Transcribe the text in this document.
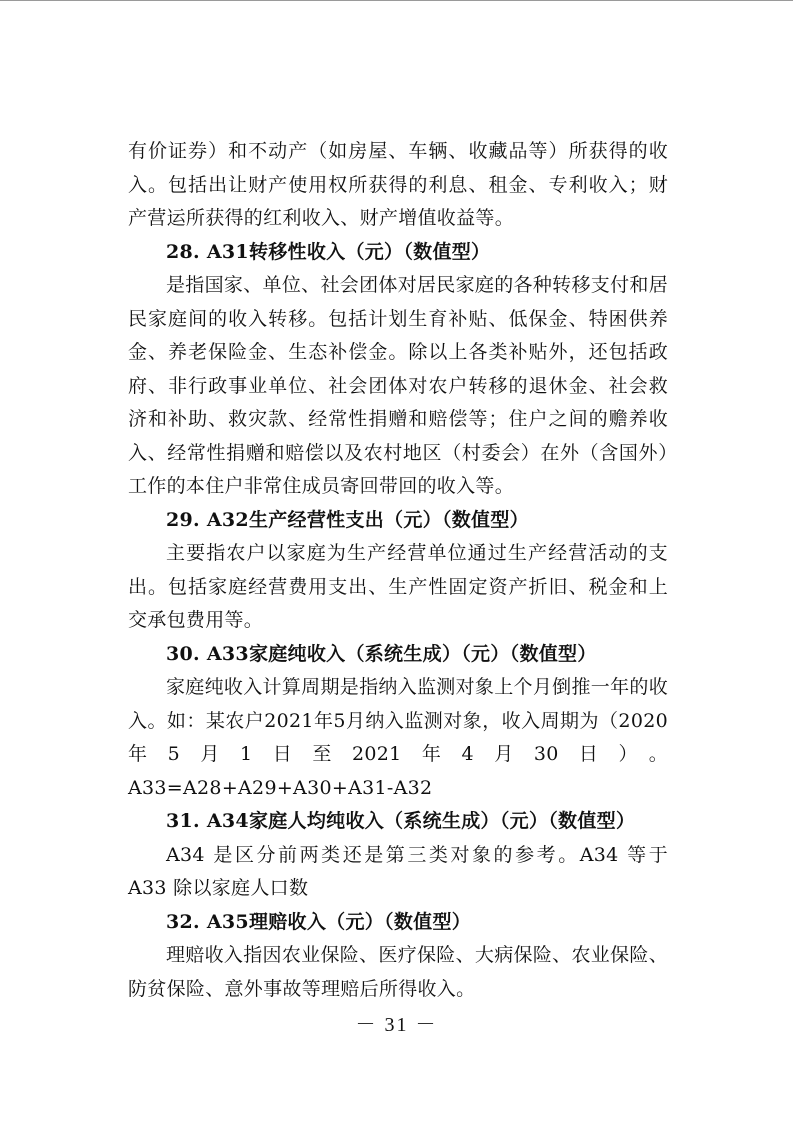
有价证券）和不动产（如房屋、车辆、收藏品等）所获得的收入。包括出让财产使用权所获得的利息、租金、专利收入；财产营运所获得的红利收入、财产增值收益等。

28. A31转移性收入（元）（数值型）

是指国家、单位、社会团体对居民家庭的各种转移支付和居民家庭间的收入转移。包括计划生育补贴、低保金、特困供养金、养老保险金、生态补偿金。除以上各类补贴外，还包括政府、非行政事业单位、社会团体对农户转移的退休金、社会救济和补助、救灾款、经常性捐赠和赔偿等；住户之间的赡养收入、经常性捐赠和赔偿以及农村地区（村委会）在外（含国外）工作的本住户非常住成员寄回带回的收入等。

29. A32生产经营性支出（元）（数值型）

主要指农户以家庭为生产经营单位通过生产经营活动的支出。包括家庭经营费用支出、生产性固定资产折旧、税金和上交承包费用等。

30. A33家庭纯收入（系统生成）（元）（数值型）

家庭纯收入计算周期是指纳入监测对象上个月倒推一年的收入。如：某农户2021年5月纳入监测对象，收入周期为（2020年5月1日至2021年4月30日）。A33=A28+A29+A30+A31-A32

31. A34家庭人均纯收入（系统生成）（元）（数值型）

A34 是区分前两类还是第三类对象的参考。A34 等于 A33 除以家庭人口数

32. A35理赔收入（元）（数值型）

理赔收入指因农业保险、医疗保险、大病保险、农业保险、防贫保险、意外事故等理赔后所得收入。

－ 31 －
